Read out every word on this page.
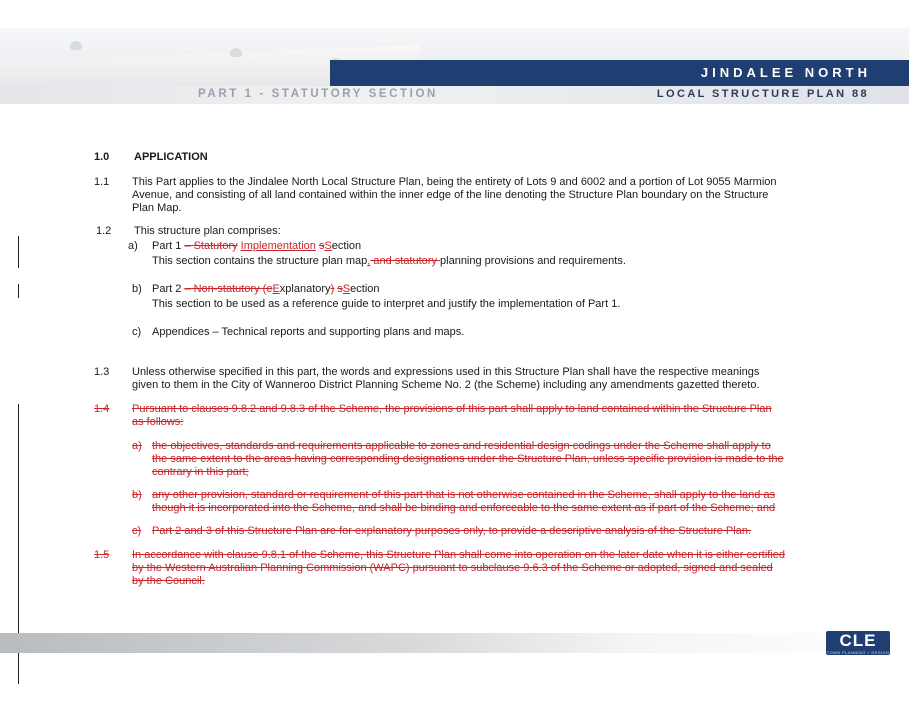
JINDALEE NORTH
LOCAL STRUCTURE PLAN 88
PART 1 - STATUTORY SECTION
1.0 APPLICATION
1.1 This Part applies to the Jindalee North Local Structure Plan, being the entirety of Lots 9 and 6002 and a portion of Lot 9055 Marmion
Avenue, and consisting of all land contained within the inner edge of the line denoting the Structure Plan boundary on the Structure
Plan Map.
1.2 This structure plan comprises:
a) Part 1 – Statutory Implementation sSection
This section contains the structure plan map, and statutory planning provisions and requirements.
b) Part 2 – Non-statutory (eExplanatory) sSection
This section to be used as a reference guide to interpret and justify the implementation of Part 1.
c) Appendices – Technical reports and supporting plans and maps.
1.3 Unless otherwise specified in this part, the words and expressions used in this Structure Plan shall have the respective meanings
given to them in the City of Wanneroo District Planning Scheme No. 2 (the Scheme) including any amendments gazetted thereto.
1.4 Pursuant to clauses 9.8.2 and 9.8.3 of the Scheme, the provisions of this part shall apply to land contained within the Structure Plan
as follows:
a) the objectives, standards and requirements applicable to zones and residential design codings under the Scheme shall apply to
the same extent to the areas having corresponding designations under the Structure Plan, unless specific provision is made to the
contrary in this part;
b) any other provision, standard or requirement of this part that is not otherwise contained in the Scheme, shall apply to the land as
though it is incorporated into the Scheme, and shall be binding and enforceable to the same extent as if part of the Scheme; and
c) Part 2 and 3 of this Structure Plan are for explanatory purposes only, to provide a descriptive analysis of the Structure Plan.
1.5 In accordance with clause 9.8.1 of the Scheme, this Structure Plan shall come into operation on the later date when it is either certified
by the Western Australian Planning Commission (WAPC) pursuant to subclause 9.6.3 of the Scheme or adopted, signed and sealed
by the Council.
CLE
TOWN PLANNING + DESIGN
